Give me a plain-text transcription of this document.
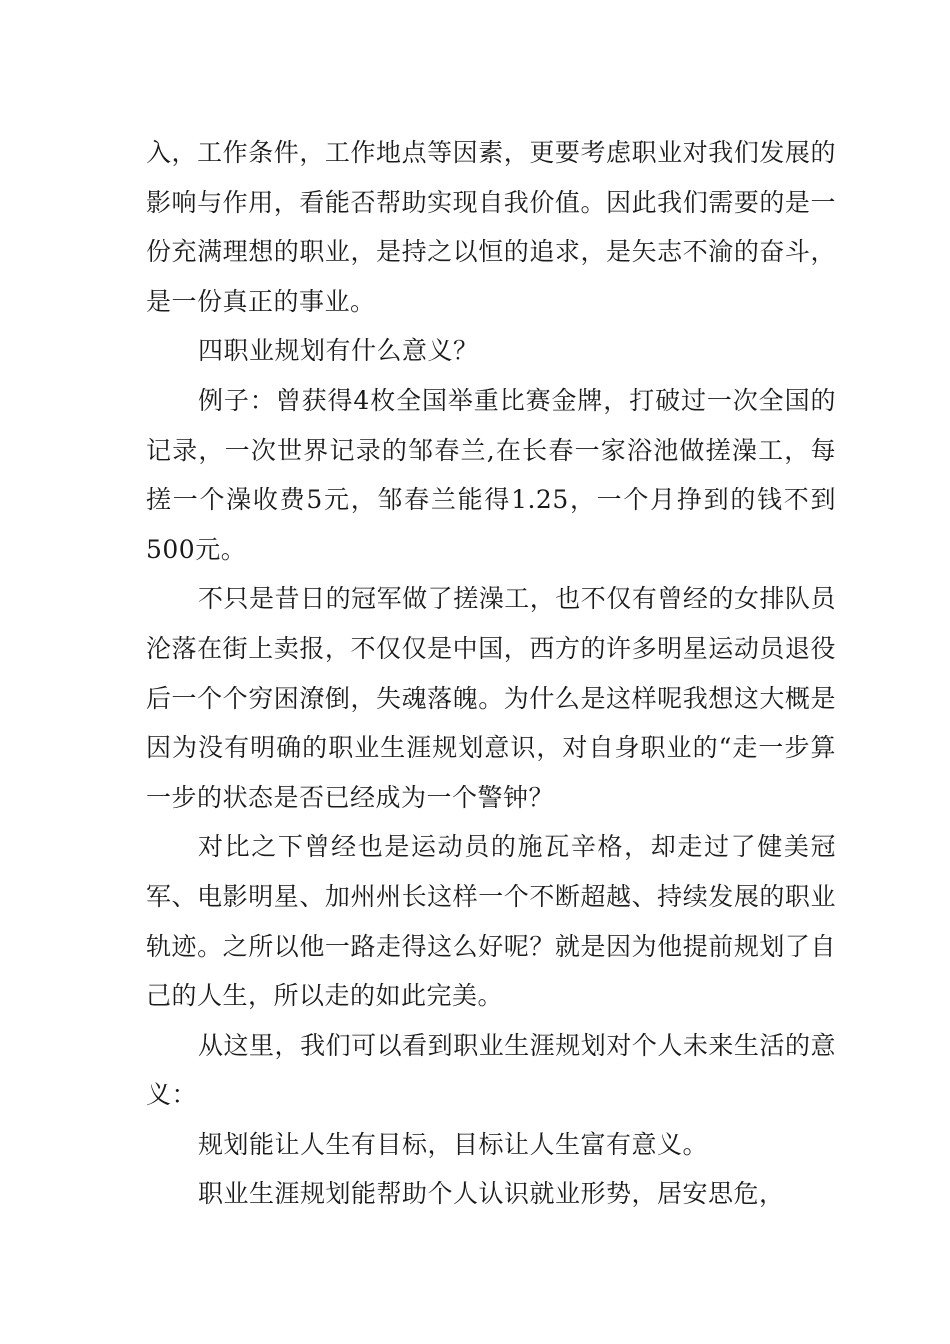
入，工作条件，工作地点等因素，更要考虑职业对我们发展的影响与作用，看能否帮助实现自我价值。因此我们需要的是一份充满理想的职业，是持之以恒的追求，是矢志不渝的奋斗，是一份真正的事业。

四职业规划有什么意义？

例子：曾获得4枚全国举重比赛金牌，打破过一次全国的记录，一次世界记录的邹春兰,在长春一家浴池做搓澡工，每搓一个澡收费5元，邹春兰能得1.25，一个月挣到的钱不到500元。

不只是昔日的冠军做了搓澡工，也不仅有曾经的女排队员沦落在街上卖报，不仅仅是中国，西方的许多明星运动员退役后一个个穷困潦倒，失魂落魄。为什么是这样呢我想这大概是因为没有明确的职业生涯规划意识，对自身职业的“走一步算一步的状态是否已经成为一个警钟？

对比之下曾经也是运动员的施瓦辛格，却走过了健美冠军、电影明星、加州州长这样一个不断超越、持续发展的职业轨迹。之所以他一路走得这么好呢？就是因为他提前规划了自己的人生，所以走的如此完美。

从这里，我们可以看到职业生涯规划对个人未来生活的意义：

规划能让人生有目标，目标让人生富有意义。

职业生涯规划能帮助个人认识就业形势，居安思危，
